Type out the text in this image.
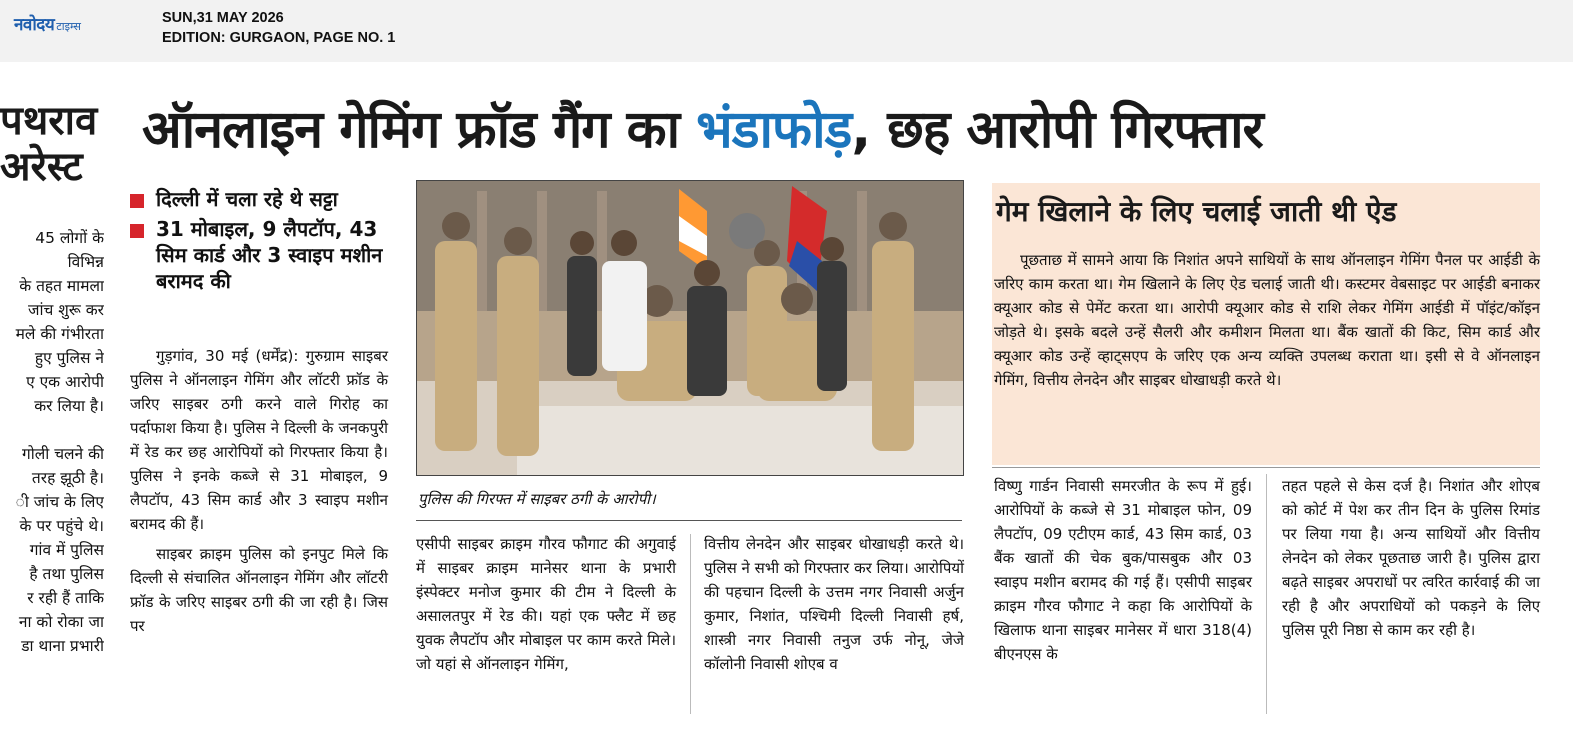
नवोदय टाइम्स
SUN,31 MAY 2026
EDITION: GURGAON, PAGE NO. 1
पथराव
अरेस्ट
45 लोगों के
विभिन्न
के तहत मामला
जांच शुरू कर
मले की गंभीरता
हुए पुलिस ने
ए एक आरोपी
कर लिया है।
गोली चलने की
तरह झूठी है।
ी जांच के लिए
के पर पहुंचे थे।
गांव में पुलिस
है तथा पुलिस
र रही हैं ताकि
ना को रोका जा
डा थाना प्रभारी
ऑनलाइन गेमिंग फ्रॉड गैंग का भंडाफोड़, छह आरोपी गिरफ्तार
दिल्ली में चला रहे थे सट्टा
31 मोबाइल, 9 लैपटॉप, 43 सिम कार्ड और 3 स्वाइप मशीन बरामद की

गुड़गांव, 30 मई (धर्मेंद्र): गुरुग्राम साइबर पुलिस ने ऑनलाइन गेमिंग और लॉटरी फ्रॉड के जरिए साइबर ठगी करने वाले गिरोह का पर्दाफाश किया है। पुलिस ने दिल्ली के जनकपुरी में रेड कर छह आरोपियों को गिरफ्तार किया है। पुलिस ने इनके कब्जे से 31 मोबाइल, 9 लैपटॉप, 43 सिम कार्ड और 3 स्वाइप मशीन बरामद की हैं।

साइबर क्राइम पुलिस को इनपुट मिले कि दिल्ली से संचालित ऑनलाइन गेमिंग और लॉटरी फ्रॉड के जरिए साइबर ठगी की जा रही है। जिस पर

पुलिस की गिरफ्त में साइबर ठगी के आरोपी।

एसीपी साइबर क्राइम गौरव फौगाट की अगुवाई में साइबर क्राइम मानेसर थाना के प्रभारी इंस्पेक्टर मनोज कुमार की टीम ने दिल्ली के असालतपुर में रेड की। यहां एक फ्लैट में छह युवक लैपटॉप और मोबाइल पर काम करते मिले। जो यहां से ऑनलाइन गेमिंग,

वित्तीय लेनदेन और साइबर धोखाधड़ी करते थे। पुलिस ने सभी को गिरफ्तार कर लिया। आरोपियों की पहचान दिल्ली के उत्तम नगर निवासी अर्जुन कुमार, निशांत, पश्चिमी दिल्ली निवासी हर्ष, शास्त्री नगर निवासी तनुज उर्फ नोनू, जेजे कॉलोनी निवासी शोएब व

गेम खिलाने के लिए चलाई जाती थी ऐड

पूछताछ में सामने आया कि निशांत अपने साथियों के साथ ऑनलाइन गेमिंग पैनल पर आईडी के जरिए काम करता था। गेम खिलाने के लिए ऐड चलाई जाती थी। कस्टमर वेबसाइट पर आईडी बनाकर क्यूआर कोड से पेमेंट करता था। आरोपी क्यूआर कोड से राशि लेकर गेमिंग आईडी में पॉइंट/कॉइन जोड़ते थे। इसके बदले उन्हें सैलरी और कमीशन मिलता था। बैंक खातों की किट, सिम कार्ड और क्यूआर कोड उन्हें व्हाट्सएप के जरिए एक अन्य व्यक्ति उपलब्ध कराता था। इसी से वे ऑनलाइन गेमिंग, वित्तीय लेनदेन और साइबर धोखाधड़ी करते थे।

विष्णु गार्डन निवासी समरजीत के रूप में हुई। आरोपियों के कब्जे से 31 मोबाइल फोन, 09 लैपटॉप, 09 एटीएम कार्ड, 43 सिम कार्ड, 03 बैंक खातों की चेक बुक/पासबुक और 03 स्वाइप मशीन बरामद की गई हैं। एसीपी साइबर क्राइम गौरव फौगाट ने कहा कि आरोपियों के खिलाफ थाना साइबर मानेसर में धारा 318(4) बीएनएस के

तहत पहले से केस दर्ज है। निशांत और शोएब को कोर्ट में पेश कर तीन दिन के पुलिस रिमांड पर लिया गया है। अन्य साथियों और वित्तीय लेनदेन को लेकर पूछताछ जारी है। पुलिस द्वारा बढ़ते साइबर अपराधों पर त्वरित कार्रवाई की जा रही है और अपराधियों को पकड़ने के लिए पुलिस पूरी निष्ठा से काम कर रही है।
